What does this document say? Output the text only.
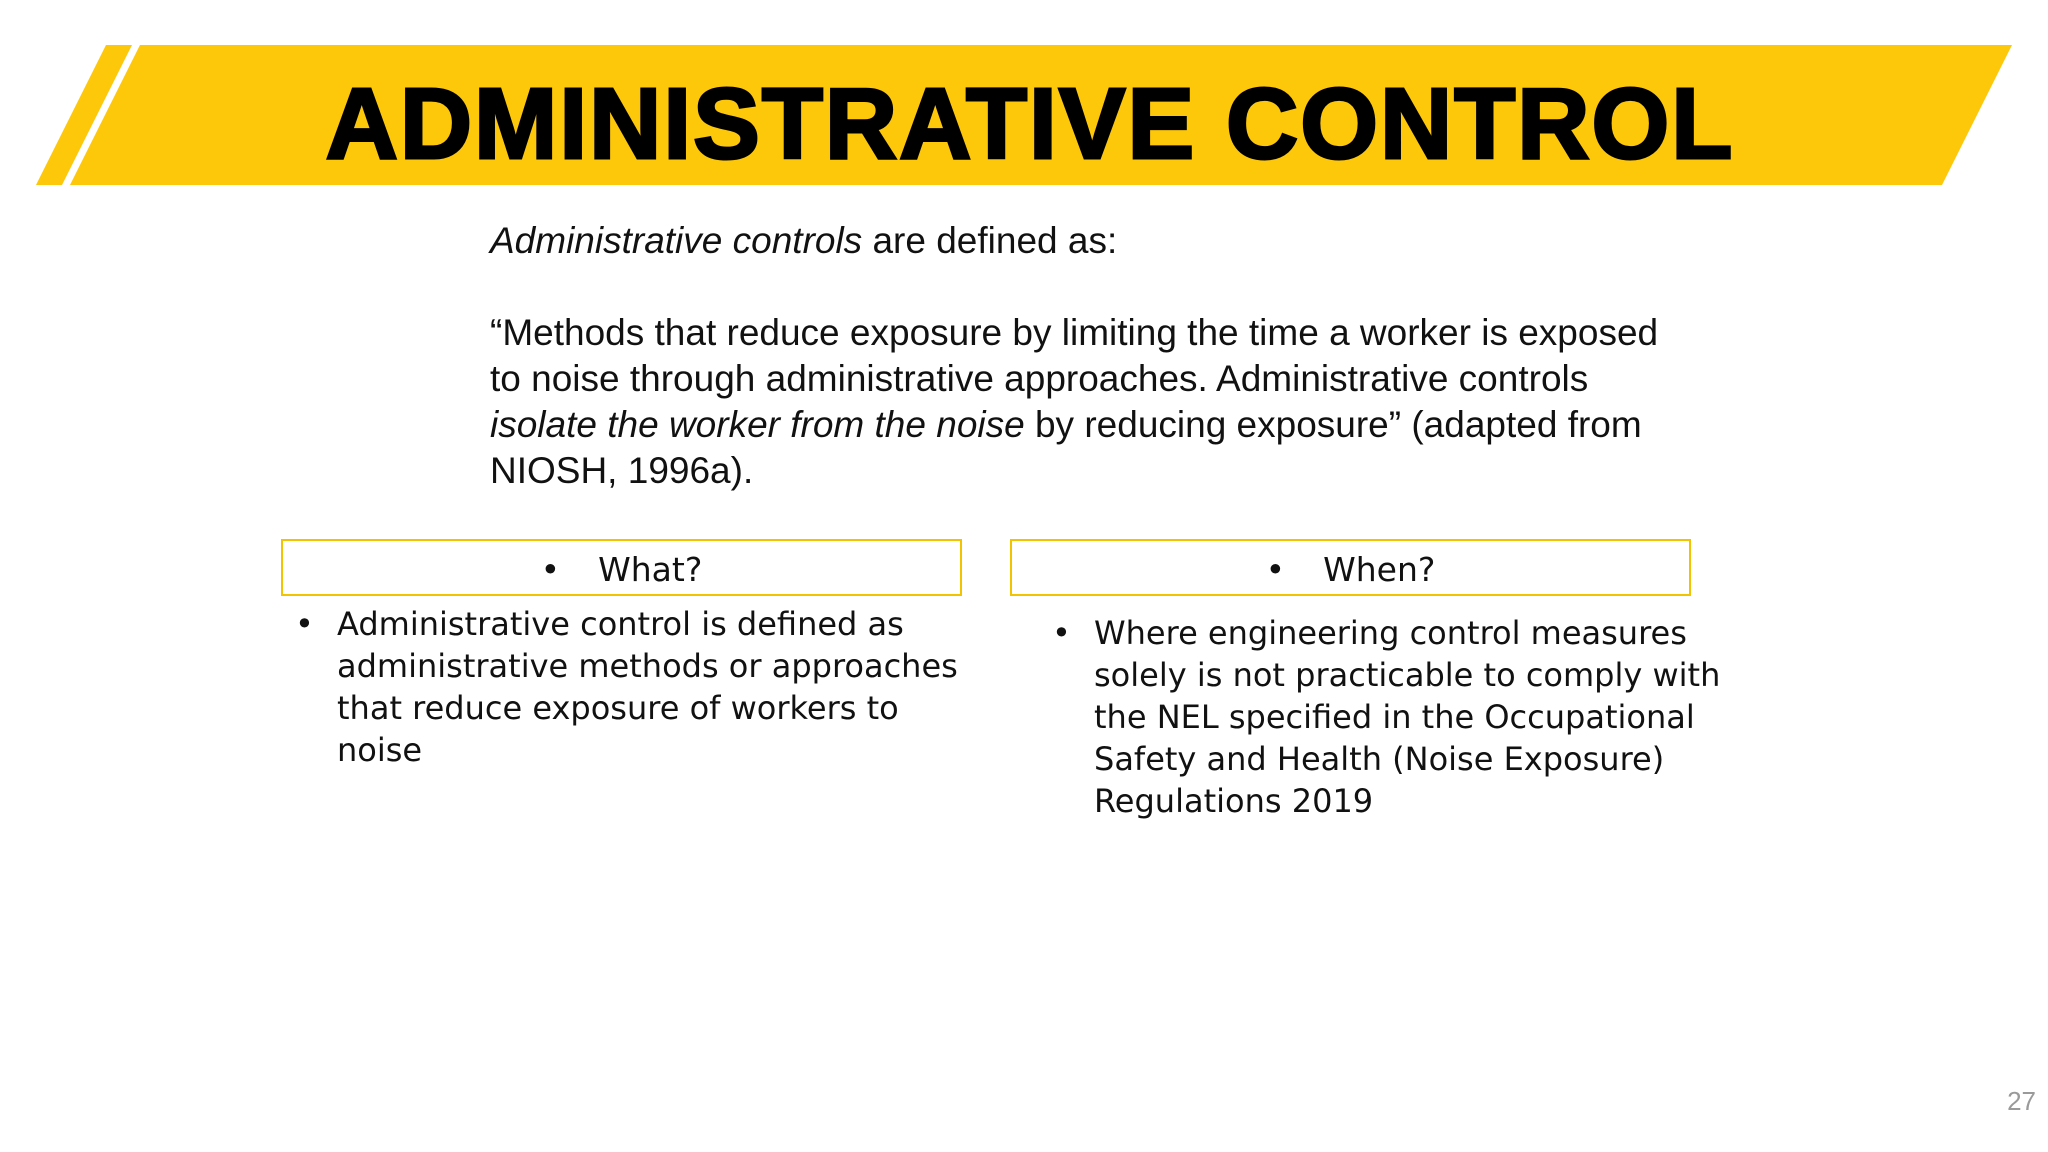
ADMINISTRATIVE CONTROL

Administrative controls are defined as:

“Methods that reduce exposure by limiting the time a worker is exposed to noise through administrative approaches. Administrative controls isolate the worker from the noise by reducing exposure” (adapted from NIOSH, 1996a).

• What?	• When?
• Administrative control is defined as administrative methods or approaches that reduce exposure of workers to noise
• Where engineering control measures solely is not practicable to comply with the NEL specified in the Occupational Safety and Health (Noise Exposure) Regulations 2019
27
